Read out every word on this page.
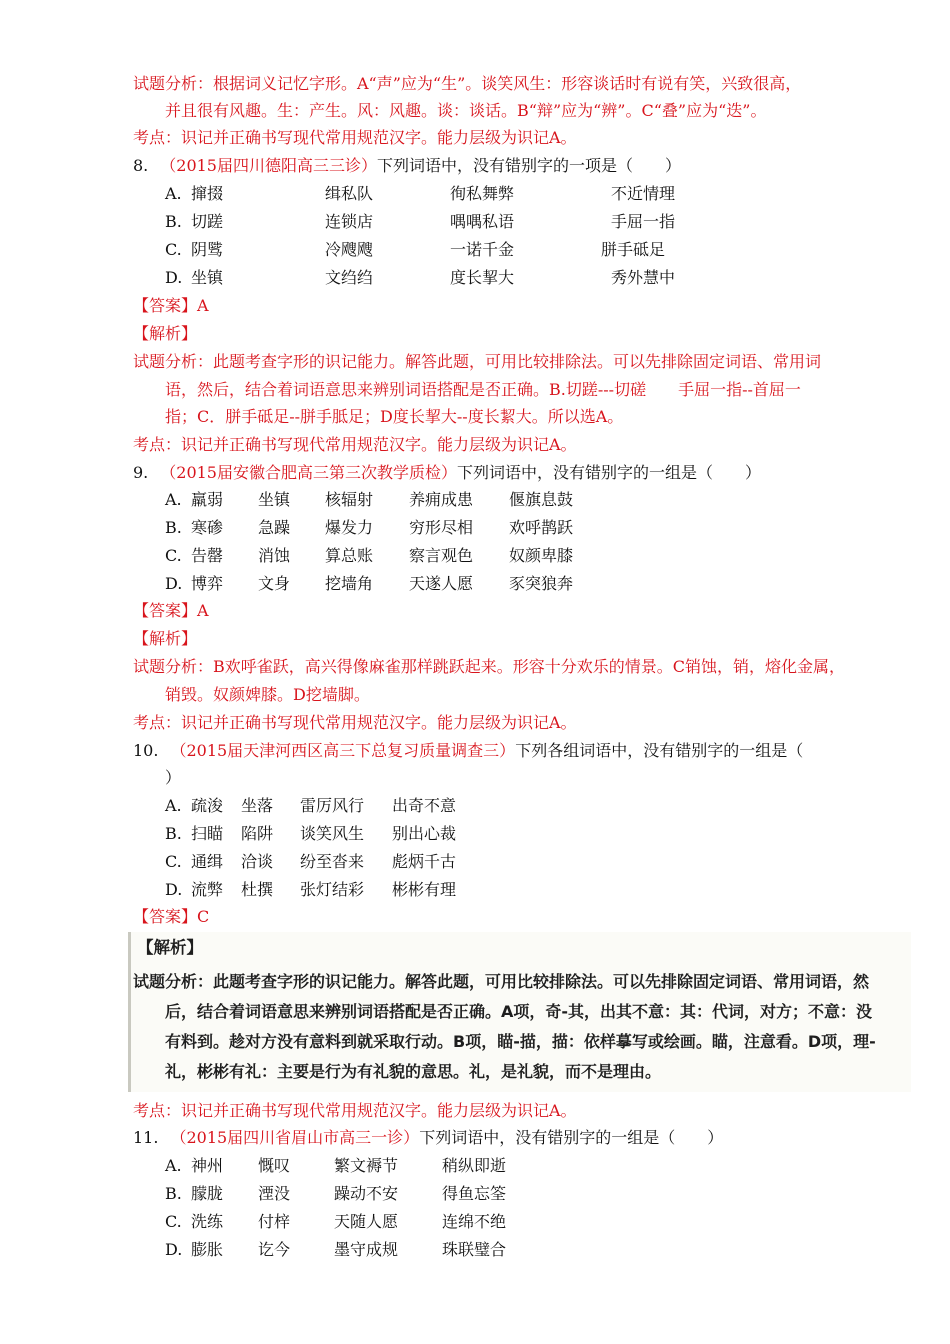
试题分析：根据词义记忆字形。A“声”应为“生”。谈笑风生：形容谈话时有说有笑，兴致很高，
并且很有风趣。生：产生。风：风趣。谈：谈话。B“辩”应为“辨”。C“叠”应为“迭”。
考点：识记并正确书写现代常用规范汉字。能力层级为识记A。
8. （2015届四川德阳高三三诊）下列词语中，没有错别字的一项是（　　）
A. 撺掇	缉私队	徇私舞弊	不近情理
B. 切蹉	连锁店	喁喁私语	手屈一指
C. 阴骘	冷飕飕	一诺千金	胼手砥足
D. 坐镇	文绉绉	度长挈大	秀外慧中
【答案】A
【解析】
试题分析：此题考查字形的识记能力。解答此题，可用比较排除法。可以先排除固定词语、常用词
语，然后，结合着词语意思来辨别词语搭配是否正确。B.切蹉---切磋　　手屈一指--首屈一
指；C．胼手砥足--胼手胝足；D度长挈大--度长絜大。所以选A。
考点：识记并正确书写现代常用规范汉字。能力层级为识记A。
9. （2015届安徽合肥高三第三次教学质检）下列词语中，没有错别字的一组是（　　）
A. 羸弱 坐镇 核辐射 养痈成患 偃旗息鼓
B. 寒碜 急躁 爆发力 穷形尽相 欢呼鹊跃
C. 告罄 消蚀 算总账 察言观色 奴颜卑膝
D. 博弈 文身 挖墙角 天遂人愿 豕突狼奔
【答案】A
【解析】
试题分析：B欢呼雀跃，高兴得像麻雀那样跳跃起来。形容十分欢乐的情景。C销蚀，销，熔化金属，
销毁。奴颜婢膝。D挖墙脚。
考点：识记并正确书写现代常用规范汉字。能力层级为识记A。
10. （2015届天津河西区高三下总复习质量调查三）下列各组词语中，没有错别字的一组是（
）
A. 疏浚 坐落 雷厉风行 出奇不意
B. 扫瞄 陷阱 谈笑风生 别出心裁
C. 通缉 洽谈 纷至沓来 彪炳千古
D. 流弊 杜撰 张灯结彩 彬彬有理
【答案】C
【解析】
试题分析：此题考查字形的识记能力。解答此题，可用比较排除法。可以先排除固定词语、常用词语，然
后，结合着词语意思来辨别词语搭配是否正确。A项，奇-其，出其不意：其：代词，对方；不意：没
有料到。趁对方没有意料到就采取行动。B项，瞄-描，描：依样摹写或绘画。瞄，注意看。D项，理-
礼，彬彬有礼：主要是行为有礼貌的意思。礼，是礼貌，而不是理由。
考点：识记并正确书写现代常用规范汉字。能力层级为识记A。
11. （2015届四川省眉山市高三一诊）下列词语中，没有错别字的一组是（　　）
A. 神州 慨叹	繁文褥节	稍纵即逝
B. 朦胧 湮没	躁动不安	得鱼忘筌
C. 洗练 付梓	天随人愿	连绵不绝
D. 膨胀 讫今	墨守成规	珠联璧合
